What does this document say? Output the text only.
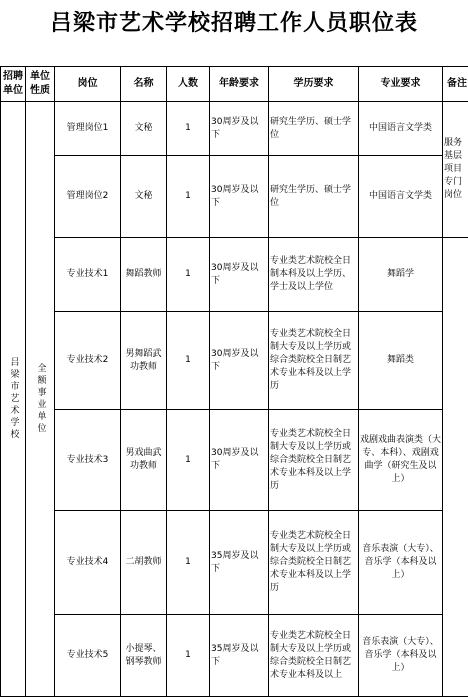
吕梁市艺术学校招聘工作人员职位表
招聘单位	单位性质	岗位	名称	人数	年龄要求	学历要求	专业要求	备注
吕梁市艺术学校	全额事业单位	管理岗位1	文秘	1	30周岁及以下	研究生学历、硕士学位	中国语言文学类	服务基层项目专门岗位
		管理岗位2	文秘	1	30周岁及以下	研究生学历、硕士学位	中国语言文学类	
		专业技术1	舞蹈教师	1	30周岁及以下	专业类艺术院校全日制本科及以上学历、学士及以上学位	舞蹈学	
		专业技术2	男舞蹈武功教师	1	30周岁及以下	专业类艺术院校全日制大专及以上学历或综合类院校全日制艺术专业本科及以上学历	舞蹈类	
		专业技术3	男戏曲武功教师	1	30周岁及以下	专业类艺术院校全日制大专及以上学历或综合类院校全日制艺术专业本科及以上学历	戏剧戏曲表演类（大专、本科）、戏剧戏曲学（研究生及以上）	
		专业技术4	二胡教师	1	35周岁及以下	专业类艺术院校全日制大专及以上学历或综合类院校全日制艺术专业本科及以上学历	音乐表演（大专）、音乐学（本科及以上）	
		专业技术5	小提琴、钢琴教师	1	35周岁及以下	专业类艺术院校全日制大专及以上学历或综合类院校全日制艺术专业本科及以上	音乐表演（大专）、音乐学（本科及以上）	
